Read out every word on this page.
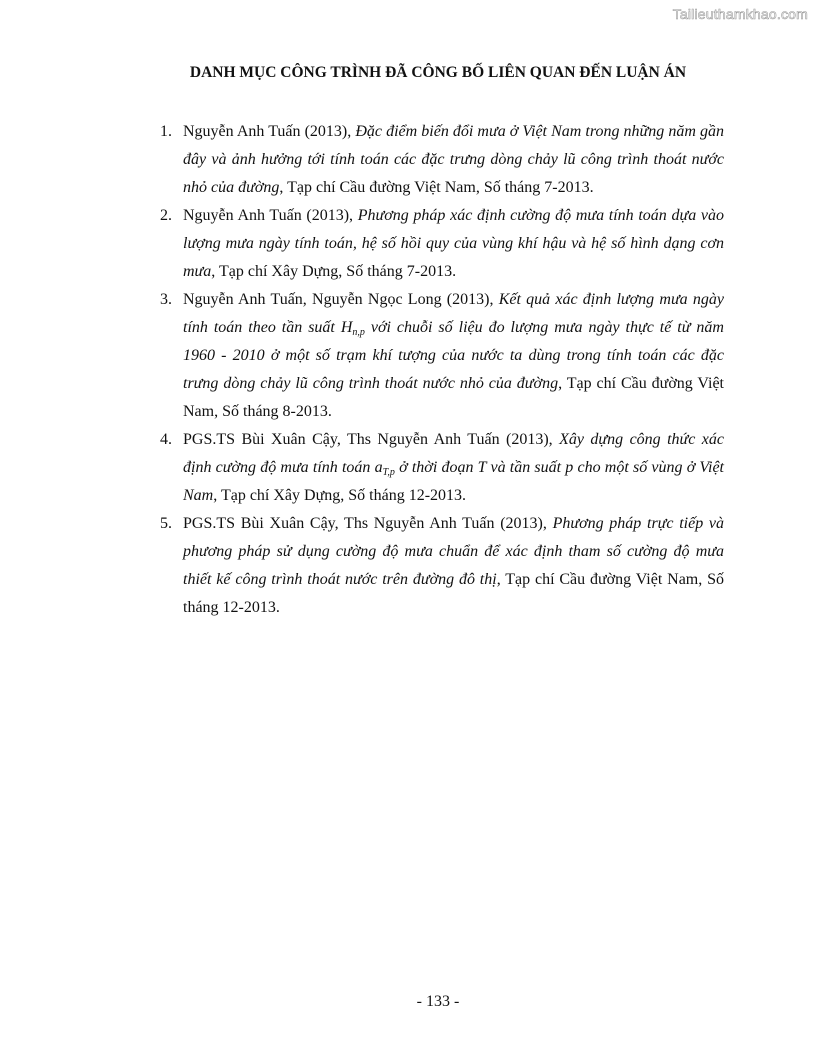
Tailieuthamkhao.com
DANH MỤC CÔNG TRÌNH ĐÃ CÔNG BỐ LIÊN QUAN ĐẾN LUẬN ÁN
1. Nguyễn Anh Tuấn (2013), Đặc điểm biến đổi mưa ở Việt Nam trong những năm gần đây và ảnh hưởng tới tính toán các đặc trưng dòng chảy lũ công trình thoát nước nhỏ của đường, Tạp chí Cầu đường Việt Nam, Số tháng 7-2013.
2. Nguyễn Anh Tuấn (2013), Phương pháp xác định cường độ mưa tính toán dựa vào lượng mưa ngày tính toán, hệ số hồi quy của vùng khí hậu và hệ số hình dạng cơn mưa, Tạp chí Xây Dựng, Số tháng 7-2013.
3. Nguyễn Anh Tuấn, Nguyễn Ngọc Long (2013), Kết quả xác định lượng mưa ngày tính toán theo tần suất $H_{n,p}$ với chuỗi số liệu đo lượng mưa ngày thực tế từ năm 1960 - 2010 ở một số trạm khí tượng của nước ta dùng trong tính toán các đặc trưng dòng chảy lũ công trình thoát nước nhỏ của đường, Tạp chí Cầu đường Việt Nam, Số tháng 8-2013.
4. PGS.TS Bùi Xuân Cậy, Ths Nguyễn Anh Tuấn (2013), Xây dựng công thức xác định cường độ mưa tính toán $a_{T,p}$ ở thời đoạn T và tần suất p cho một số vùng ở Việt Nam, Tạp chí Xây Dựng, Số tháng 12-2013.
5. PGS.TS Bùi Xuân Cậy, Ths Nguyễn Anh Tuấn (2013), Phương pháp trực tiếp và phương pháp sử dụng cường độ mưa chuẩn để xác định tham số cường độ mưa thiết kế công trình thoát nước trên đường đô thị, Tạp chí Cầu đường Việt Nam, Số tháng 12-2013.
- 133 -
